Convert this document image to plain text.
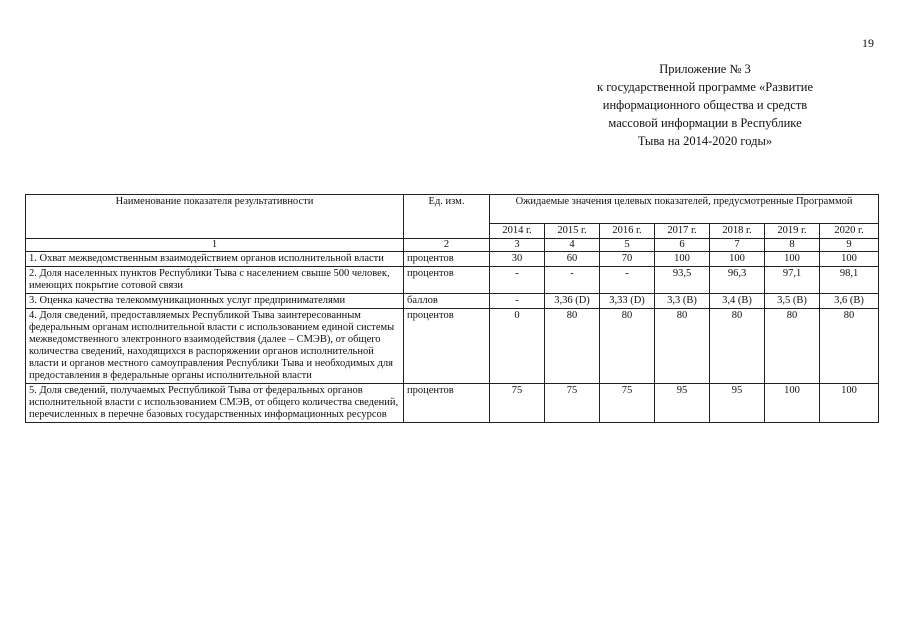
19
Приложение № 3
к государственной программе «Развитие
информационного общества и средств
массовой информации в Республике
Тыва на 2014-2020 годы»
Наименование показателя результативности	Ед. изм.	Ожидаемые значения целевых показателей, предусмотренные Программой						
		2014 г.	2015 г.	2016 г.	2017 г.	2018 г.	2019 г.	2020 г.
1	2	3	4	5	6	7	8	9
1. Охват межведомственным взаимодействием органов исполнительной власти	процентов	30	60	70	100	100	100	100
2. Доля населенных пунктов Республики Тыва с населением свыше 500 человек, имеющих покрытие сотовой связи	процентов	-	-	-	93,5	96,3	97,1	98,1
3. Оценка качества телекоммуникационных услуг предпринимателями	баллов	-	3,36 (D)	3,33 (D)	3,3 (B)	3,4 (B)	3,5 (B)	3,6 (B)
4. Доля сведений, предоставляемых Республикой Тыва заинтересованным федеральным органам исполнительной власти с использованием единой системы межведомственного электронного взаимодействия (далее – СМЭВ), от общего количества сведений, находящихся в распоряжении органов исполнительной власти и органов местного самоуправления Республики Тыва и необходимых для предоставления в федеральные органы исполнительной власти	процентов	0	80	80	80	80	80	80
5. Доля сведений, получаемых Республикой Тыва от федеральных органов исполнительной власти с использованием СМЭВ, от общего количества сведений, перечисленных в перечне базовых государственных информационных ресурсов	процентов	75	75	75	95	95	100	100
